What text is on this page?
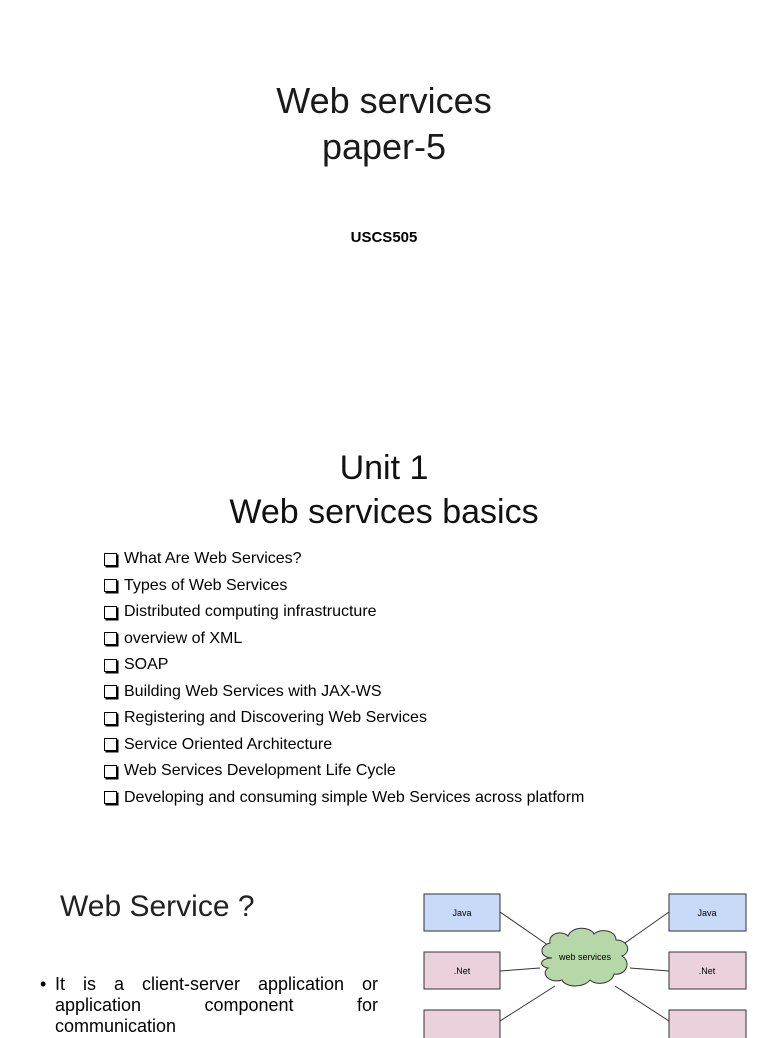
Web services
paper-5
USCS505
Unit 1
Web services basics
What Are Web Services?
Types of Web Services
Distributed computing infrastructure
overview of XML
SOAP
Building Web Services with JAX-WS
Registering and Discovering Web Services
Service Oriented Architecture
Web Services Development Life Cycle
Developing and consuming simple Web Services across platform
Web Service ?
• It is a client-server application or application component for communication
Java
.Net
Java
.Net
web services
